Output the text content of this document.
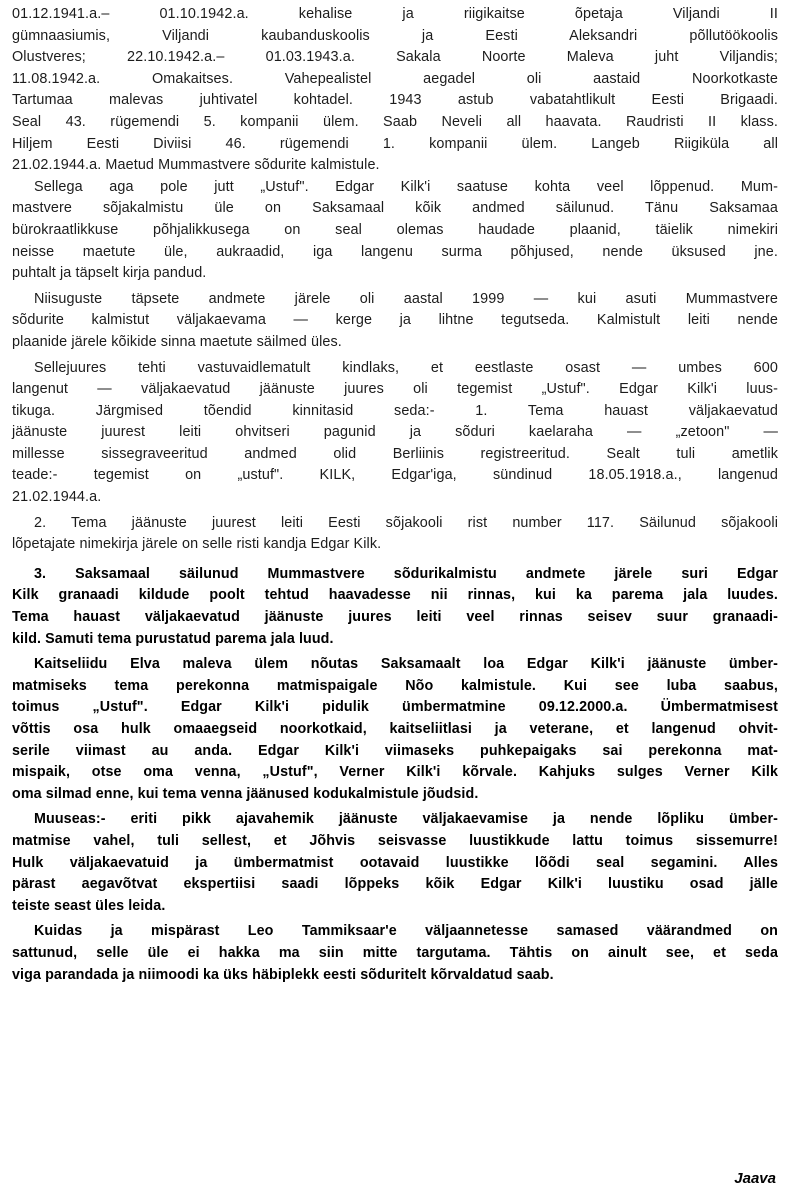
01.12.1941.a.– 01.10.1942.a. kehalise ja riigikaitse õpetaja Viljandi II
gümnaasiumis, Viljandi kaubanduskoolis ja Eesti Aleksandri põllutöökoolis
Olustveres; 22.10.1942.a.– 01.03.1943.a. Sakala Noorte Maleva juht Viljandis;
11.08.1942.a. Omakaitses. Vahepealistel aegadel oli aastaid Noorkotkaste
Tartumaa malevas juhtivatel kohtadel. 1943 astub vabatahtlikult Eesti Brigaadi.
Seal 43. rügemendi 5. kompanii ülem. Saab Neveli all haavata. Raudristi II klass.
Hiljem Eesti Diviisi 46. rügemendi 1. kompanii ülem. Langeb Riigiküla all
21.02.1944.a. Maetud Mummastvere sõdurite kalmistule.
Sellega aga pole jutt „Ustuf". Edgar Kilk'i saatuse kohta veel lõppenud. Mum-
mastvere sõjakalmistu üle on Saksamaal kõik andmed säilunud. Tänu Saksamaa
bürokraatlikkuse põhjalikkusega on seal olemas haudade plaanid, täielik nimekiri
neisse maetute üle, aukraadid, iga langenu surma põhjused, nende üksused jne.
puhtalt ja täpselt kirja pandud.
Niisuguste täpsete andmete järele oli aastal 1999 — kui asuti Mummastvere
sõdurite kalmistut väljakaevama — kerge ja lihtne tegutseda. Kalmistult leiti nende
plaanide järele kõikide sinna maetute säilmed üles.
Sellejuures tehti vastuvaidlematult kindlaks, et eestlaste osast — umbes 600
langenut — väljakaevatud jäänuste juures oli tegemist „Ustuf". Edgar Kilk'i luus-
tikuga. Järgmised tõendid kinnitasid seda:- 1. Tema hauast väljakaevatud
jäänuste juurest leiti ohvitseri pagunid ja sõduri kaelaraha — „zetoon" —
millesse sissegraveeritud andmed olid Berliinis registreeritud. Sealt tuli ametlik
teade:- tegemist on „ustuf". KILK, Edgar'iga, sündinud 18.05.1918.a., langenud
21.02.1944.a.
2. Tema jäänuste juurest leiti Eesti sõjakooli rist number 117. Säilunud sõjakooli
lõpetajate nimekirja järele on selle risti kandja Edgar Kilk.
3. Saksamaal säilunud Mummastvere sõdurikalmistu andmete järele suri Edgar
Kilk granaadi kildude poolt tehtud haavadesse nii rinnas, kui ka parema jala luudes.
Tema hauast väljakaevatud jäänuste juures leiti veel rinnas seisev suur granaadi-
kild. Samuti tema purustatud parema jala luud.
Kaitseliidu Elva maleva ülem nõutas Saksamaalt loa Edgar Kilk'i jäänuste ümber-
matmiseks tema perekonna matmispaigale Nõo kalmistule. Kui see luba saabus,
toimus „Ustuf". Edgar Kilk'i pidulik ümbermatmine 09.12.2000.a. Ümbermatmisest
võttis osa hulk omaaegseid noorkotkaid, kaitseliitlasi ja veterane, et langenud ohvit-
serile viimast au anda. Edgar Kilk'i viimaseks puhkepaigaks sai perekonna mat-
mispaik, otse oma venna, „Ustuf", Verner Kilk'i kõrvale. Kahjuks sulges Verner Kilk
oma silmad enne, kui tema venna jäänused kodukalmistule jõudsid.
Muuseas:- eriti pikk ajavahemik jäänuste väljakaevamise ja nende lõpliku ümber-
matmise vahel, tuli sellest, et Jõhvis seisvasse luustikkude lattu toimus sissemurre!
Hulk väljakaevatuid ja ümbermatmist ootavaid luustikke lõõdi seal segamini. Alles
pärast aegavõtvat ekspertiisi saadi lõppeks kõik Edgar Kilk'i luustiku osad jälle
teiste seast üles leida.
Kuidas ja mispärast Leo Tammiksaar'e väljaannetesse samased väärandmed on
sattunud, selle üle ei hakka ma siin mitte targutama. Tähtis on ainult see, et seda
viga parandada ja niimoodi ka üks häbiplekk eesti sõduritelt kõrvaldatud saab.
Jaava
